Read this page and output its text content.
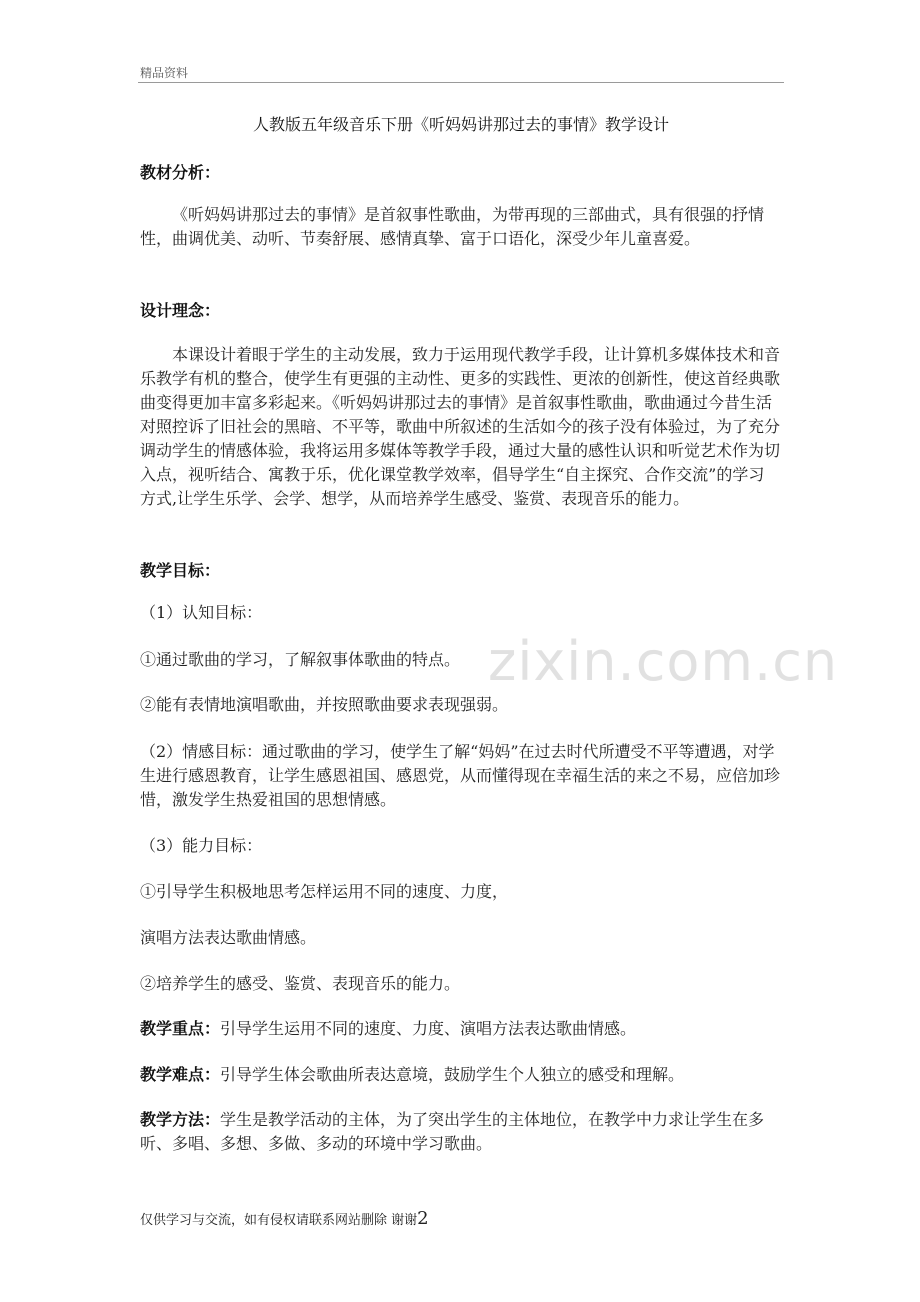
精品资料
人教版五年级音乐下册《听妈妈讲那过去的事情》教学设计
教材分析：
《听妈妈讲那过去的事情》是首叙事性歌曲，为带再现的三部曲式，具有很强的抒情性，曲调优美、动听、节奏舒展、感情真挚、富于口语化，深受少年儿童喜爱。
设计理念：
本课设计着眼于学生的主动发展，致力于运用现代教学手段，让计算机多媒体技术和音乐教学有机的整合，使学生有更强的主动性、更多的实践性、更浓的创新性，使这首经典歌曲变得更加丰富多彩起来。《听妈妈讲那过去的事情》是首叙事性歌曲，歌曲通过今昔生活对照控诉了旧社会的黑暗、不平等，歌曲中所叙述的生活如今的孩子没有体验过，为了充分调动学生的情感体验，我将运用多媒体等教学手段，通过大量的感性认识和听觉艺术作为切入点，视听结合、寓教于乐，优化课堂教学效率，倡导学生“自主探究、合作交流”的学习方式,让学生乐学、会学、想学，从而培养学生感受、鉴赏、表现音乐的能力。
教学目标：
（1）认知目标：
①通过歌曲的学习，了解叙事体歌曲的特点。
②能有表情地演唱歌曲，并按照歌曲要求表现强弱。
（2）情感目标：通过歌曲的学习，使学生了解“妈妈”在过去时代所遭受不平等遭遇，对学生进行感恩教育，让学生感恩祖国、感恩党，从而懂得现在幸福生活的来之不易，应倍加珍惜，激发学生热爱祖国的思想情感。
（3）能力目标：
①引导学生积极地思考怎样运用不同的速度、力度，
演唱方法表达歌曲情感。
②培养学生的感受、鉴赏、表现音乐的能力。
教学重点：引导学生运用不同的速度、力度、演唱方法表达歌曲情感。
教学难点：引导学生体会歌曲所表达意境，鼓励学生个人独立的感受和理解。
教学方法：学生是教学活动的主体，为了突出学生的主体地位，在教学中力求让学生在多听、多唱、多想、多做、多动的环境中学习歌曲。
zixin.com.cn
仅供学习与交流，如有侵权请联系网站删除 谢谢2
